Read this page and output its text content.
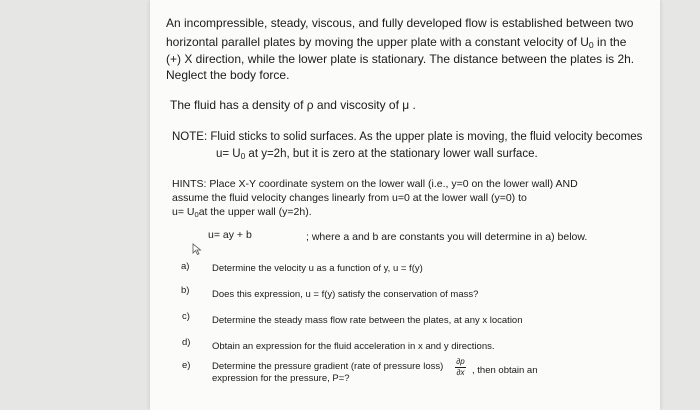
An incompressible, steady, viscous, and fully developed flow is established between two
horizontal parallel plates by moving the upper plate with a constant velocity of $U_0$ in the
(+) X direction, while the lower plate is stationary. The distance between the plates is 2h.
Neglect the body force.
The fluid has a density of ρ and viscosity of μ .
NOTE: Fluid sticks to solid surfaces. As the upper plate is moving, the fluid velocity becomes
$u= U_0$ at y=2h, but it is zero at the stationary lower wall surface.
HINTS: Place X-Y coordinate system on the lower wall (i.e., y=0 on the lower wall) AND
assume the fluid velocity changes linearly from u=0 at the lower wall (y=0) to
$u= U_0at$ the upper wall (y=2h).
u= ay + b	; where a and b are constants you will determine in a) below.
a) Determine the velocity u as a function of y, u = f(y)
b) Does this expression, u = f(y) satisfy the conservation of mass?
c) Determine the steady mass flow rate between the plates, at any x location
d) Obtain an expression for the fluid acceleration in x and y directions.
e) Determine the pressure gradient (rate of pressure loss)
expression for the pressure, P=?
∂p
∂x , then obtain an
